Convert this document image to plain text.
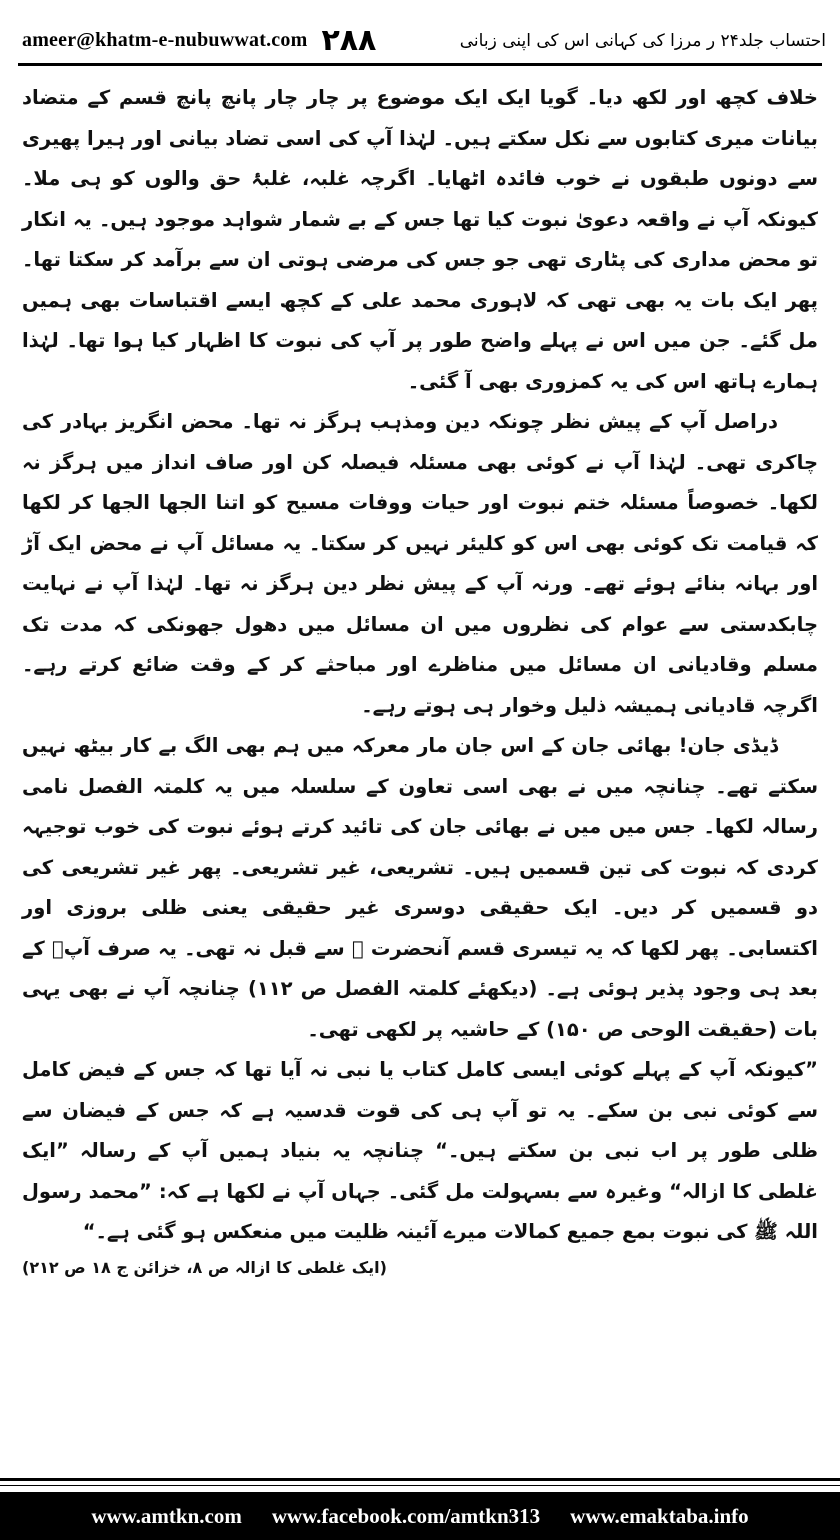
ameer@khatm-e-nubuwwat.com ۲۸۸	احتساب جلد۲۴ ر مرزا کی کہانی اس کی اپنی زبانی

خلاف کچھ اور لکھ دیا۔ گویا ایک ایک موضوع پر چار چار پانچ پانچ قسم کے متضاد بیانات میری کتابوں سے نکل سکتے ہیں۔ لہٰذا آپ کی اسی تضاد بیانی اور ہیرا پھیری سے دونوں طبقوں نے خوب فائدہ اٹھایا۔ اگرچہ غلبہ، غلبۂ حق والوں کو ہی ملا۔ کیونکہ آپ نے واقعہ دعویٰ نبوت کیا تھا جس کے بے شمار شواہد موجود ہیں۔ یہ انکار تو محض مداری کی پٹاری تھی جو جس کی مرضی ہوتی ان سے برآمد کر سکتا تھا۔ پھر ایک بات یہ بھی تھی کہ لاہوری محمد علی کے کچھ ایسے اقتباسات بھی ہمیں مل گئے۔ جن میں اس نے پہلے واضح طور پر آپ کی نبوت کا اظہار کیا ہوا تھا۔ لہٰذا ہمارے ہاتھ اس کی یہ کمزوری بھی آ گئی۔

دراصل آپ کے پیش نظر چونکہ دین ومذہب ہرگز نہ تھا۔ محض انگریز بہادر کی چاکری تھی۔ لہٰذا آپ نے کوئی بھی مسئلہ فیصلہ کن اور صاف انداز میں ہرگز نہ لکھا۔ خصوصاً مسئلہ ختم نبوت اور حیات ووفات مسیح کو اتنا الجھا الجھا کر لکھا کہ قیامت تک کوئی بھی اس کو کلیئر نہیں کر سکتا۔ یہ مسائل آپ نے محض ایک آڑ اور بہانہ بنائے ہوئے تھے۔ ورنہ آپ کے پیش نظر دین ہرگز نہ تھا۔ لہٰذا آپ نے نہایت چابکدستی سے عوام کی نظروں میں ان مسائل میں دھول جھونکی کہ مدت تک مسلم وقادیانی ان مسائل میں مناظرے اور مباحثے کر کے وقت ضائع کرتے رہے۔ اگرچہ قادیانی ہمیشہ ذلیل وخوار ہی ہوتے رہے۔

ڈیڈی جان! بھائی جان کے اس جان مار معرکہ میں ہم بھی الگ بے کار بیٹھ نہیں سکتے تھے۔ چنانچہ میں نے بھی اسی تعاون کے سلسلہ میں یہ کلمتہ الفصل نامی رسالہ لکھا۔ جس میں میں نے بھائی جان کی تائید کرتے ہوئے نبوت کی خوب توجیہہ کردی کہ نبوت کی تین قسمیں ہیں۔ تشریعی، غیر تشریعی۔ پھر غیر تشریعی کی دو قسمیں کر دیں۔ ایک حقیقی دوسری غیر حقیقی یعنی ظلی بروزی اور اکتسابی۔ پھر لکھا کہ یہ تیسری قسم آنحضرت ﷺ سے قبل نہ تھی۔ یہ صرف آپؑ کے بعد ہی وجود پذیر ہوئی ہے۔ (دیکھئے کلمتہ الفصل ص ۱۱۲) چنانچہ آپ نے بھی یہی بات (حقیقت الوحی ص ۱۵۰) کے حاشیہ پر لکھی تھی۔

”کیونکہ آپ کے پہلے کوئی ایسی کامل کتاب یا نبی نہ آیا تھا کہ جس کے فیض کامل سے کوئی نبی بن سکے۔ یہ تو آپ ہی کی قوت قدسیہ ہے کہ جس کے فیضان سے ظلی طور پر اب نبی بن سکتے ہیں۔“ چنانچہ یہ بنیاد ہمیں آپ کے رسالہ ”ایک غلطی کا ازالہ“ وغیرہ سے بسہولت مل گئی۔ جہاں آپ نے لکھا ہے کہ: ”محمد رسول اللہ ﷺ کی نبوت بمع جمیع کمالات میرے آئینہ ظلیت میں منعکس ہو گئی ہے۔“

(ایک غلطی کا ازالہ ص ۸، خزائن ج ۱۸ ص ۲۱۲)

www.amtkn.com www.facebook.com/amtkn313 www.emaktaba.info
